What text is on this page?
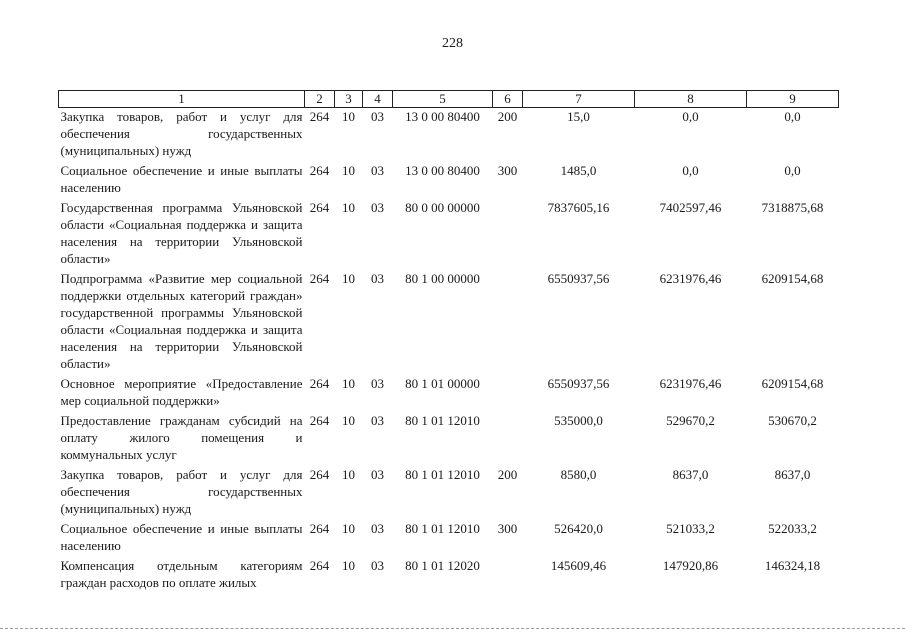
228
1	2	3	4	5	6	7	8	9
Закупка товаров, работ и услуг для обеспечения государственных (муниципальных) нужд	264	10	03	13 0 00 80400	200	15,0	0,0	0,0
Социальное обеспечение и иные выплаты населению	264	10	03	13 0 00 80400	300	1485,0	0,0	0,0
Государственная программа Ульяновской области «Социальная поддержка и защита населения на территории Ульяновской области»	264	10	03	80 0 00 00000		7837605,16	7402597,46	7318875,68
Подпрограмма «Развитие мер социальной поддержки отдельных категорий граждан» государственной программы Ульяновской области «Социальная поддержка и защита населения на территории Ульяновской области»	264	10	03	80 1 00 00000		6550937,56	6231976,46	6209154,68
Основное мероприятие «Предоставление мер социальной поддержки»	264	10	03	80 1 01 00000		6550937,56	6231976,46	6209154,68
Предоставление гражданам субсидий на оплату жилого помещения и коммунальных услуг	264	10	03	80 1 01 12010		535000,0	529670,2	530670,2
Закупка товаров, работ и услуг для обеспечения государственных (муниципальных) нужд	264	10	03	80 1 01 12010	200	8580,0	8637,0	8637,0
Социальное обеспечение и иные выплаты населению	264	10	03	80 1 01 12010	300	526420,0	521033,2	522033,2
Компенсация отдельным категориям граждан расходов по оплате жилых	264	10	03	80 1 01 12020		145609,46	147920,86	146324,18
